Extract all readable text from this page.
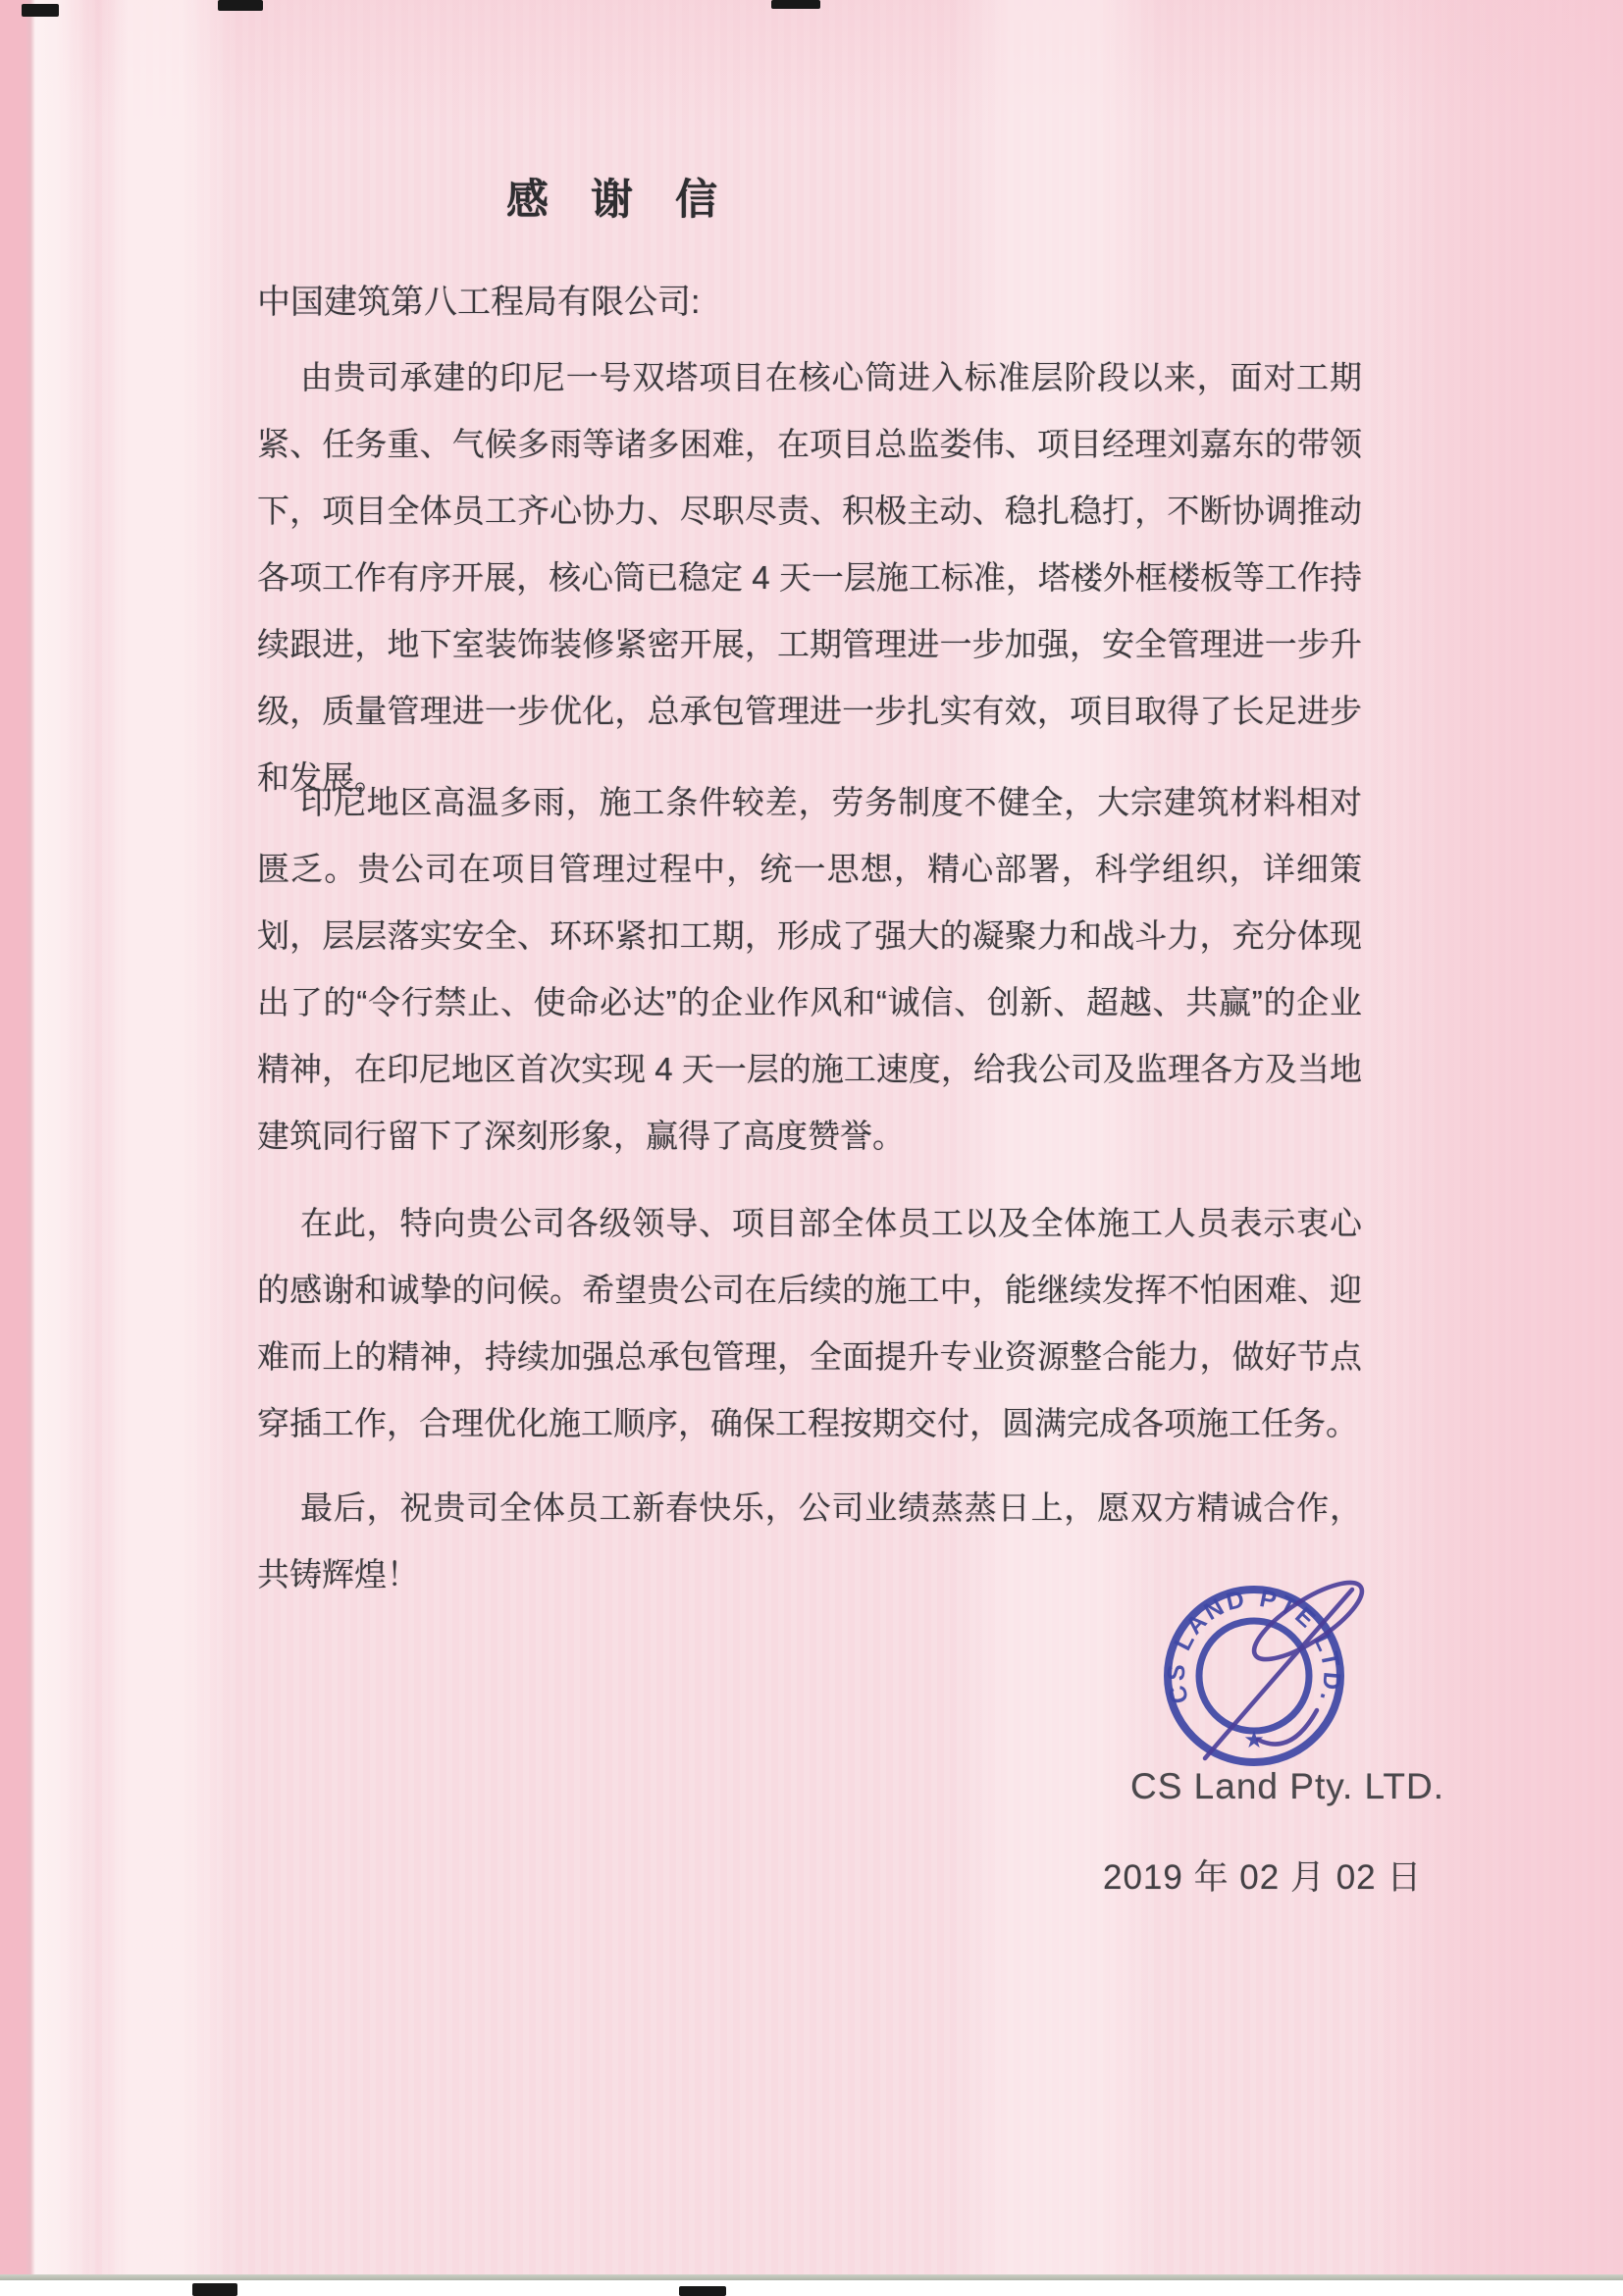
感　谢　信
中国建筑第八工程局有限公司:
由贵司承建的印尼一号双塔项目在核心筒进入标准层阶段以来，面对工期紧、任务重、气候多雨等诸多困难，在项目总监娄伟、项目经理刘嘉东的带领下，项目全体员工齐心协力、尽职尽责、积极主动、稳扎稳打，不断协调推动各项工作有序开展，核心筒已稳定 4 天一层施工标准，塔楼外框楼板等工作持续跟进，地下室装饰装修紧密开展，工期管理进一步加强，安全管理进一步升级，质量管理进一步优化，总承包管理进一步扎实有效，项目取得了长足进步和发展。
印尼地区高温多雨，施工条件较差，劳务制度不健全，大宗建筑材料相对匮乏。贵公司在项目管理过程中，统一思想，精心部署，科学组织，详细策划，层层落实安全、环环紧扣工期，形成了强大的凝聚力和战斗力，充分体现出了的“令行禁止、使命必达”的企业作风和“诚信、创新、超越、共赢”的企业精神，在印尼地区首次实现 4 天一层的施工速度，给我公司及监理各方及当地建筑同行留下了深刻形象，赢得了高度赞誉。
在此，特向贵公司各级领导、项目部全体员工以及全体施工人员表示衷心的感谢和诚挚的问候。希望贵公司在后续的施工中，能继续发挥不怕困难、迎难而上的精神，持续加强总承包管理，全面提升专业资源整合能力，做好节点穿插工作，合理优化施工顺序，确保工程按期交付，圆满完成各项施工任务。
最后，祝贵司全体员工新春快乐，公司业绩蒸蒸日上，愿双方精诚合作，共铸辉煌！
CS LAND PTE LTD.
★
CS Land Pty. LTD.
2019 年 02 月 02 日
